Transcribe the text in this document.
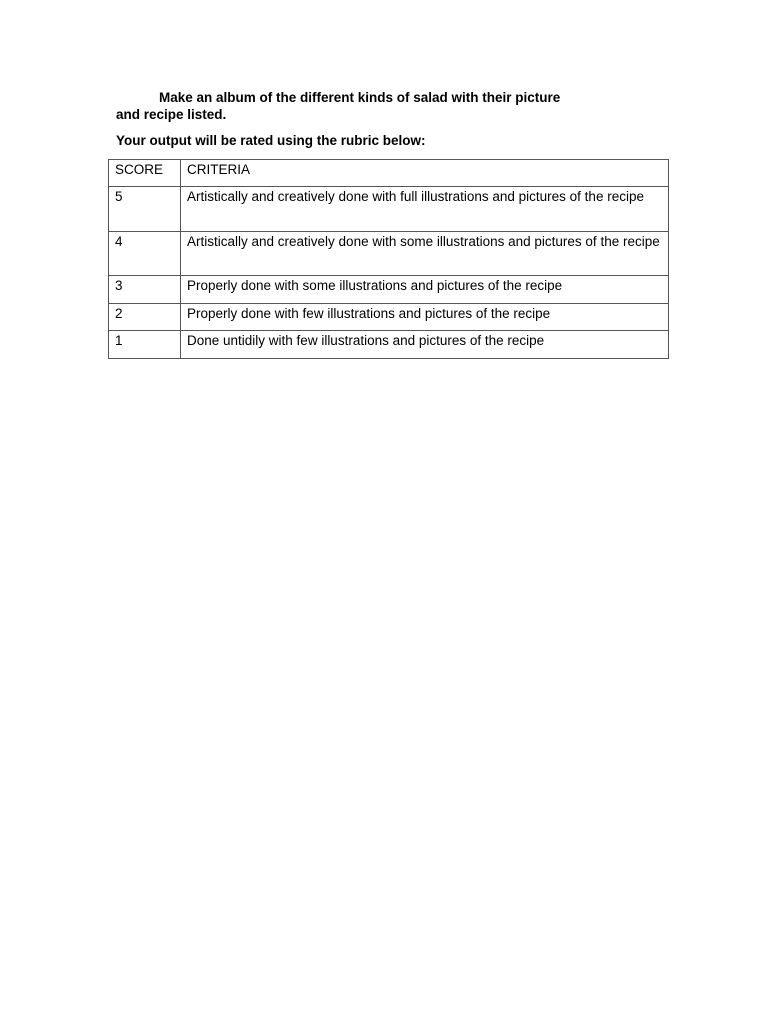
Make an album of the different kinds of salad with their picture
and recipe listed.
Your output will be rated using the rubric below:
SCORE	CRITERIA

5	Artistically and creatively done with full illustrations and pictures of the recipe

4	Artistically and creatively done with some illustrations and pictures of the recipe

3	Properly done with some illustrations and pictures of the recipe

2	Properly done with few illustrations and pictures of the recipe

1	Done untidily with few illustrations and pictures of the recipe
